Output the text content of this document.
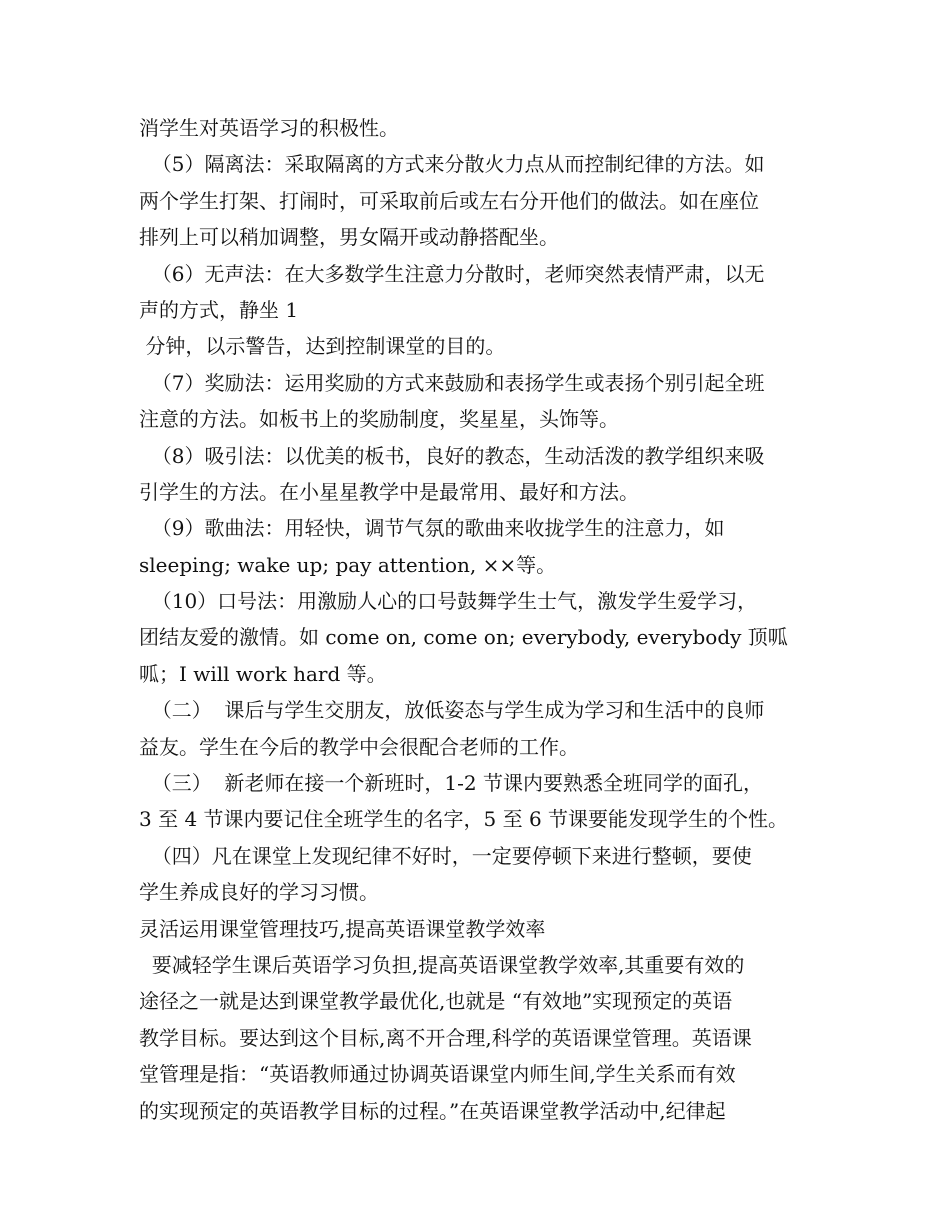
消学生对英语学习的积极性。
（5）隔离法：采取隔离的方式来分散火力点从而控制纪律的方法。如
两个学生打架、打闹时，可采取前后或左右分开他们的做法。如在座位
排列上可以稍加调整，男女隔开或动静搭配坐。
（6）无声法：在大多数学生注意力分散时，老师突然表情严肃，以无
声的方式，静坐 1
分钟，以示警告，达到控制课堂的目的。
（7）奖励法：运用奖励的方式来鼓励和表扬学生或表扬个别引起全班
注意的方法。如板书上的奖励制度，奖星星，头饰等。
（8）吸引法：以优美的板书，良好的教态，生动活泼的教学组织来吸
引学生的方法。在小星星教学中是最常用、最好和方法。
（9）歌曲法：用轻快，调节气氛的歌曲来收拢学生的注意力，如
sleeping; wake up; pay attention, ××等。
（10）口号法：用激励人心的口号鼓舞学生士气，激发学生爱学习，
团结友爱的激情。如 come on, come on; everybody, everybody 顶呱
呱；I will work hard 等。
（二）  课后与学生交朋友，放低姿态与学生成为学习和生活中的良师
益友。学生在今后的教学中会很配合老师的工作。
（三）  新老师在接一个新班时，1-2 节课内要熟悉全班同学的面孔，
3 至 4 节课内要记住全班学生的名字，5 至 6 节课要能发现学生的个性。
（四）凡在课堂上发现纪律不好时，一定要停顿下来进行整顿，要使
学生养成良好的学习习惯。
灵活运用课堂管理技巧,提高英语课堂教学效率
要减轻学生课后英语学习负担,提高英语课堂教学效率,其重要有效的
途径之一就是达到课堂教学最优化,也就是 “有效地”实现预定的英语
教学目标。要达到这个目标,离不开合理,科学的英语课堂管理。英语课
堂管理是指：“英语教师通过协调英语课堂内师生间,学生关系而有效
的实现预定的英语教学目标的过程。”在英语课堂教学活动中,纪律起
